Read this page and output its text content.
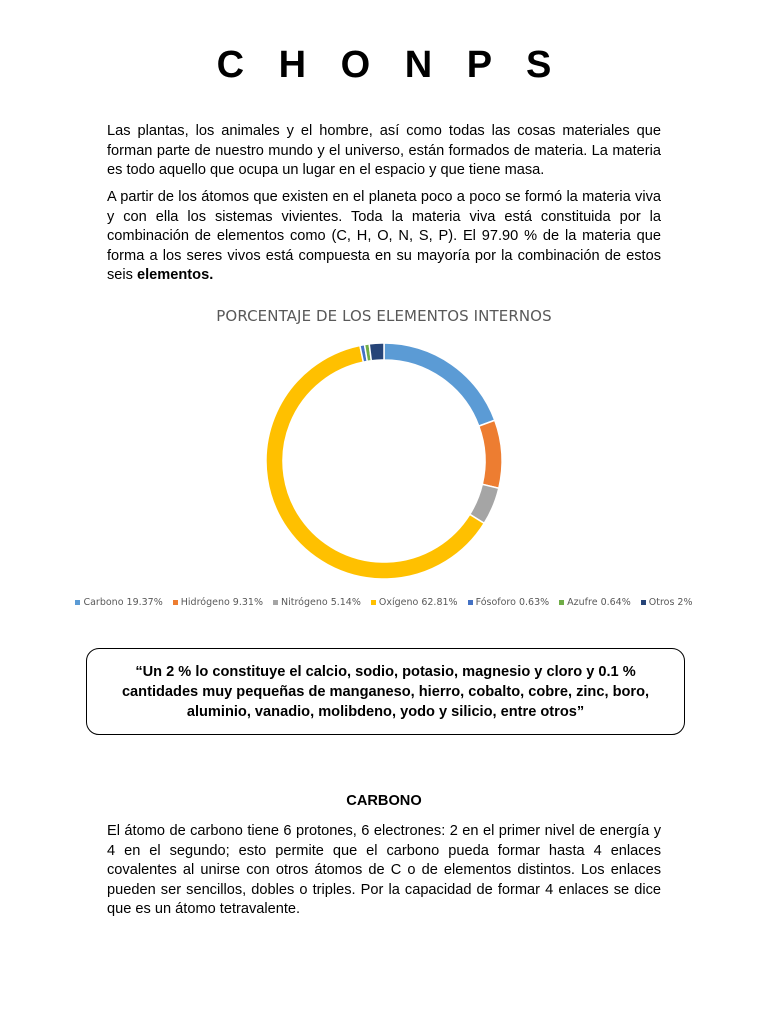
C H O N P S

Las plantas, los animales y el hombre, así como todas las cosas materiales que forman parte de nuestro mundo y el universo, están formados de materia. La materia es todo aquello que ocupa un lugar en el espacio y que tiene masa.

A partir de los átomos que existen en el planeta poco a poco se formó la materia viva y con ella los sistemas vivientes. Toda la materia viva está constituida por la combinación de elementos como (C, H, O, N, S, P). El 97.90 % de la materia que forma a los seres vivos está compuesta en su mayoría por la combinación de estos seis elementos.

PORCENTAJE DE LOS ELEMENTOS INTERNOS
Carbono 19.37% Hidrógeno 9.31% Nitrógeno 5.14% Oxígeno 62.81% Fósoforo 0.63% Azufre 0.64% Otros 2%

“Un 2 % lo constituye el calcio, sodio, potasio, magnesio y cloro y 0.1 % cantidades muy pequeñas de manganeso, hierro, cobalto, cobre, zinc, boro, aluminio, vanadio, molibdeno, yodo y silicio, entre otros”

CARBONO

El átomo de carbono tiene 6 protones, 6 electrones: 2 en el primer nivel de energía y 4 en el segundo; esto permite que el carbono pueda formar hasta 4 enlaces covalentes al unirse con otros átomos de C o de elementos distintos. Los enlaces pueden ser sencillos, dobles o triples. Por la capacidad de formar 4 enlaces se dice que es un átomo tetravalente.
